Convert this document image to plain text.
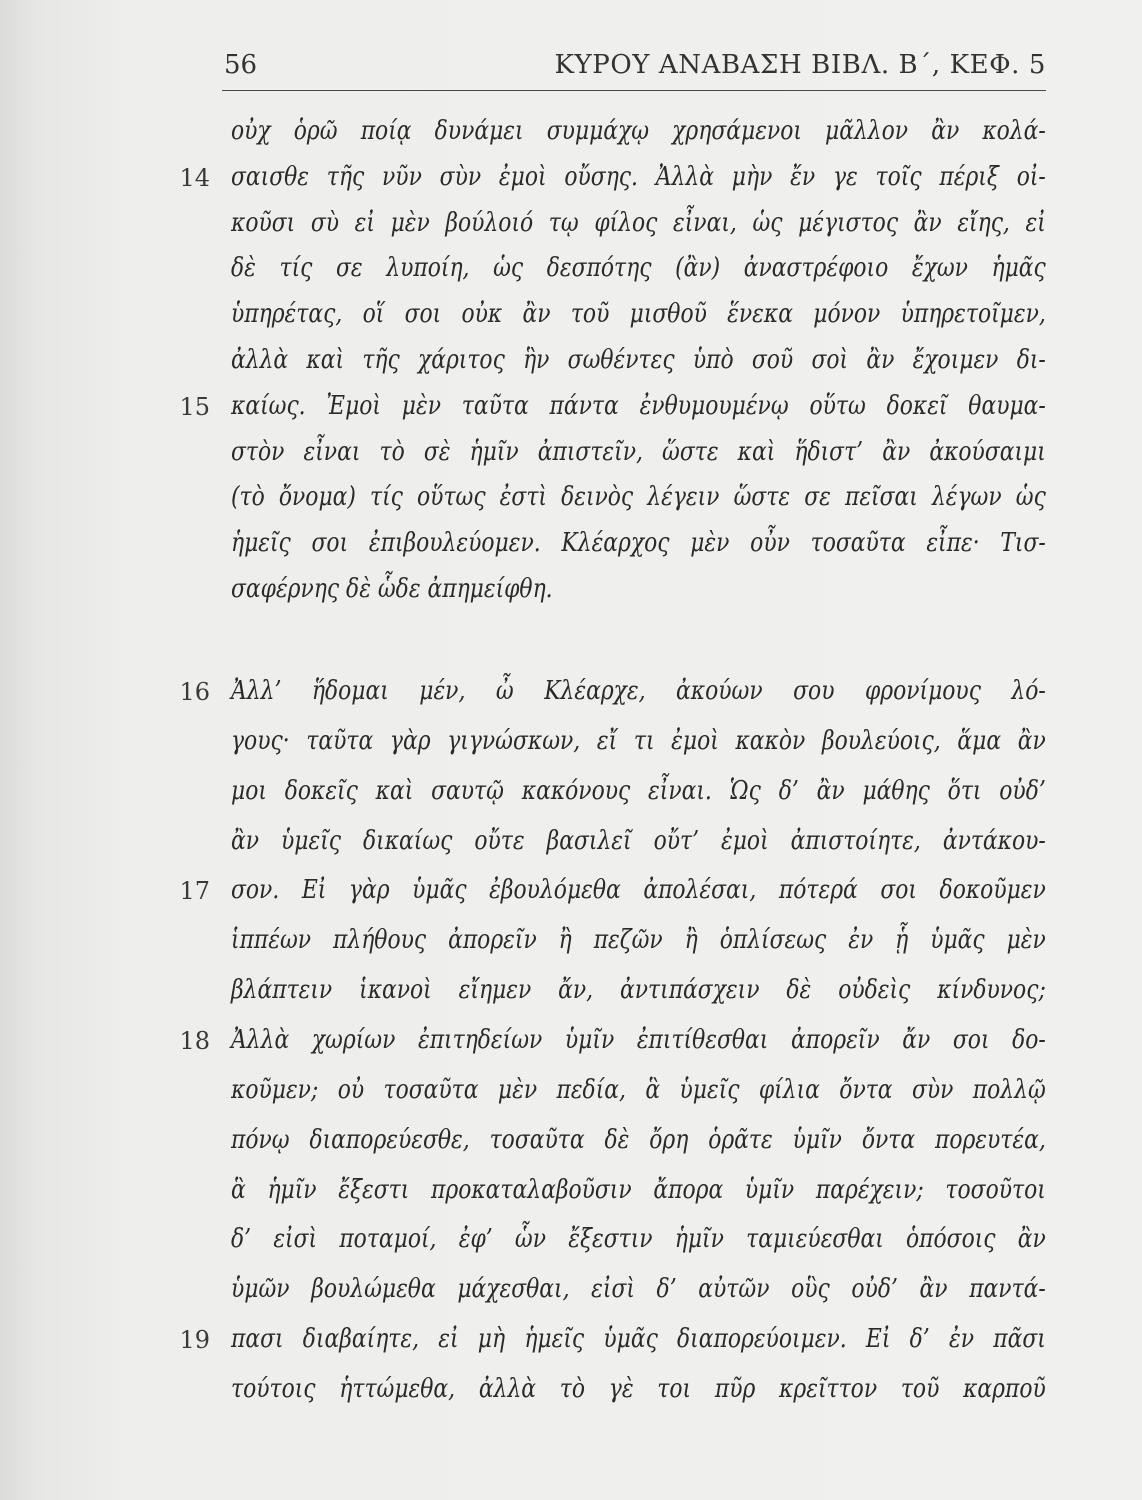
56	ΚΥΡΟΥ ΑΝΑΒΑΣΗ ΒΙΒΛ. Β΄, ΚΕΦ. 5
14
15
16
17
18
19
οὐχ ὁρῶ ποίᾳ δυνάμει συμμάχῳ χρησάμενοι μᾶλλον ἂν κολά-
σαισθε τῆς νῦν σὺν ἐμοὶ οὔσης. Ἀλλὰ μὴν ἔν γε τοῖς πέριξ οἰ-
κοῦσι σὺ εἰ μὲν βούλοιό τῳ φίλος εἶναι, ὡς μέγιστος ἂν εἴης, εἰ
δὲ τίς σε λυποίη, ὡς δεσπότης (ἂν) ἀναστρέφοιο ἔχων ἡμᾶς
ὑπηρέτας, οἵ σοι οὐκ ἂν τοῦ μισθοῦ ἕνεκα μόνον ὑπηρετοῖμεν,
ἀλλὰ καὶ τῆς χάριτος ἣν σωθέντες ὑπὸ σοῦ σοὶ ἂν ἔχοιμεν δι-
καίως. Ἐμοὶ μὲν ταῦτα πάντα ἐνθυμουμένῳ οὕτω δοκεῖ θαυμα-
στὸν εἶναι τὸ σὲ ἡμῖν ἀπιστεῖν, ὥστε καὶ ἥδιστ’ ἂν ἀκούσαιμι
(τὸ ὄνομα) τίς οὕτως ἐστὶ δεινὸς λέγειν ὥστε σε πεῖσαι λέγων ὡς
ἡμεῖς σοι ἐπιβουλεύομεν. Κλέαρχος μὲν οὖν τοσαῦτα εἶπε· Τισ-
σαφέρνης δὲ ὧδε ἀπημείφθη.
Ἀλλ’ ἥδομαι μέν, ὦ Κλέαρχε, ἀκούων σου φρονίμους λό-
γους· ταῦτα γὰρ γιγνώσκων, εἴ τι ἐμοὶ κακὸν βουλεύοις, ἅμα ἂν
μοι δοκεῖς καὶ σαυτῷ κακόνους εἶναι. Ὡς δ’ ἂν μάθης ὅτι οὐδ’
ἂν ὑμεῖς δικαίως οὔτε βασιλεῖ οὔτ’ ἐμοὶ ἀπιστοίητε, ἀντάκου-
σον. Εἰ γὰρ ὑμᾶς ἐβουλόμεθα ἀπολέσαι, πότερά σοι δοκοῦμεν
ἱππέων πλήθους ἀπορεῖν ἢ πεζῶν ἢ ὁπλίσεως ἐν ᾗ ὑμᾶς μὲν
βλάπτειν ἱκανοὶ εἴημεν ἄν, ἀντιπάσχειν δὲ οὐδεὶς κίνδυνος;
Ἀλλὰ χωρίων ἐπιτηδείων ὑμῖν ἐπιτίθεσθαι ἀπορεῖν ἄν σοι δο-
κοῦμεν; οὐ τοσαῦτα μὲν πεδία, ἃ ὑμεῖς φίλια ὄντα σὺν πολλῷ
πόνῳ διαπορεύεσθε, τοσαῦτα δὲ ὄρη ὁρᾶτε ὑμῖν ὄντα πορευτέα,
ἃ ἡμῖν ἔξεστι προκαταλαβοῦσιν ἄπορα ὑμῖν παρέχειν; τοσοῦτοι
δ’ εἰσὶ ποταμοί, ἐφ’ ὧν ἔξεστιν ἡμῖν ταμιεύεσθαι ὁπόσοις ἂν
ὑμῶν βουλώμεθα μάχεσθαι, εἰσὶ δ’ αὐτῶν οὓς οὐδ’ ἂν παντά-
πασι διαβαίητε, εἰ μὴ ἡμεῖς ὑμᾶς διαπορεύοιμεν. Εἰ δ’ ἐν πᾶσι
τούτοις ἡττώμεθα, ἀλλὰ τὸ γὲ τοι πῦρ κρεῖττον τοῦ καρποῦ
